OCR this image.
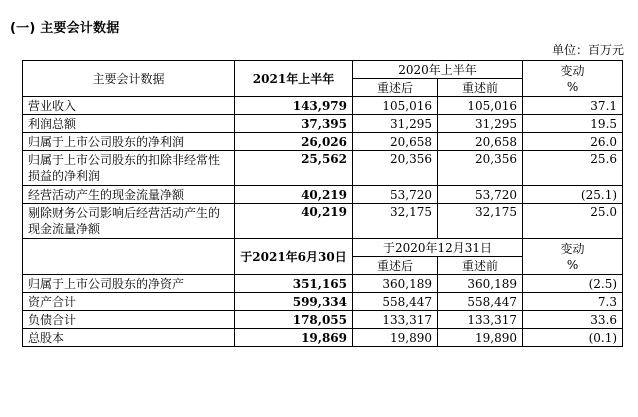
(一) 主要会计数据
单位：百万元
主要会计数据	2021年上半年	2020年上半年		变动
%

		重述后	重述前	
营业收入	143,979	105,016	105,016	37.1
利润总额	37,395	31,295	31,295	19.5
归属于上市公司股东的净利润	26,026	20,658	20,658	26.0
归属于上市公司股东的扣除非经常性损益的净利润	25,562	20,356	20,356	25.6
经营活动产生的现金流量净额	40,219	53,720	53,720	(25.1)
剔除财务公司影响后经营活动产生的现金流量净额	40,219	32,175	32,175	25.0
	于2021年6月30日	于2020年12月31日		变动
%

		重述后	重述前	
归属于上市公司股东的净资产	351,165	360,189	360,189	(2.5)
资产合计	599,334	558,447	558,447	7.3
负债合计	178,055	133,317	133,317	33.6
总股本	19,869	19,890	19,890	(0.1)
